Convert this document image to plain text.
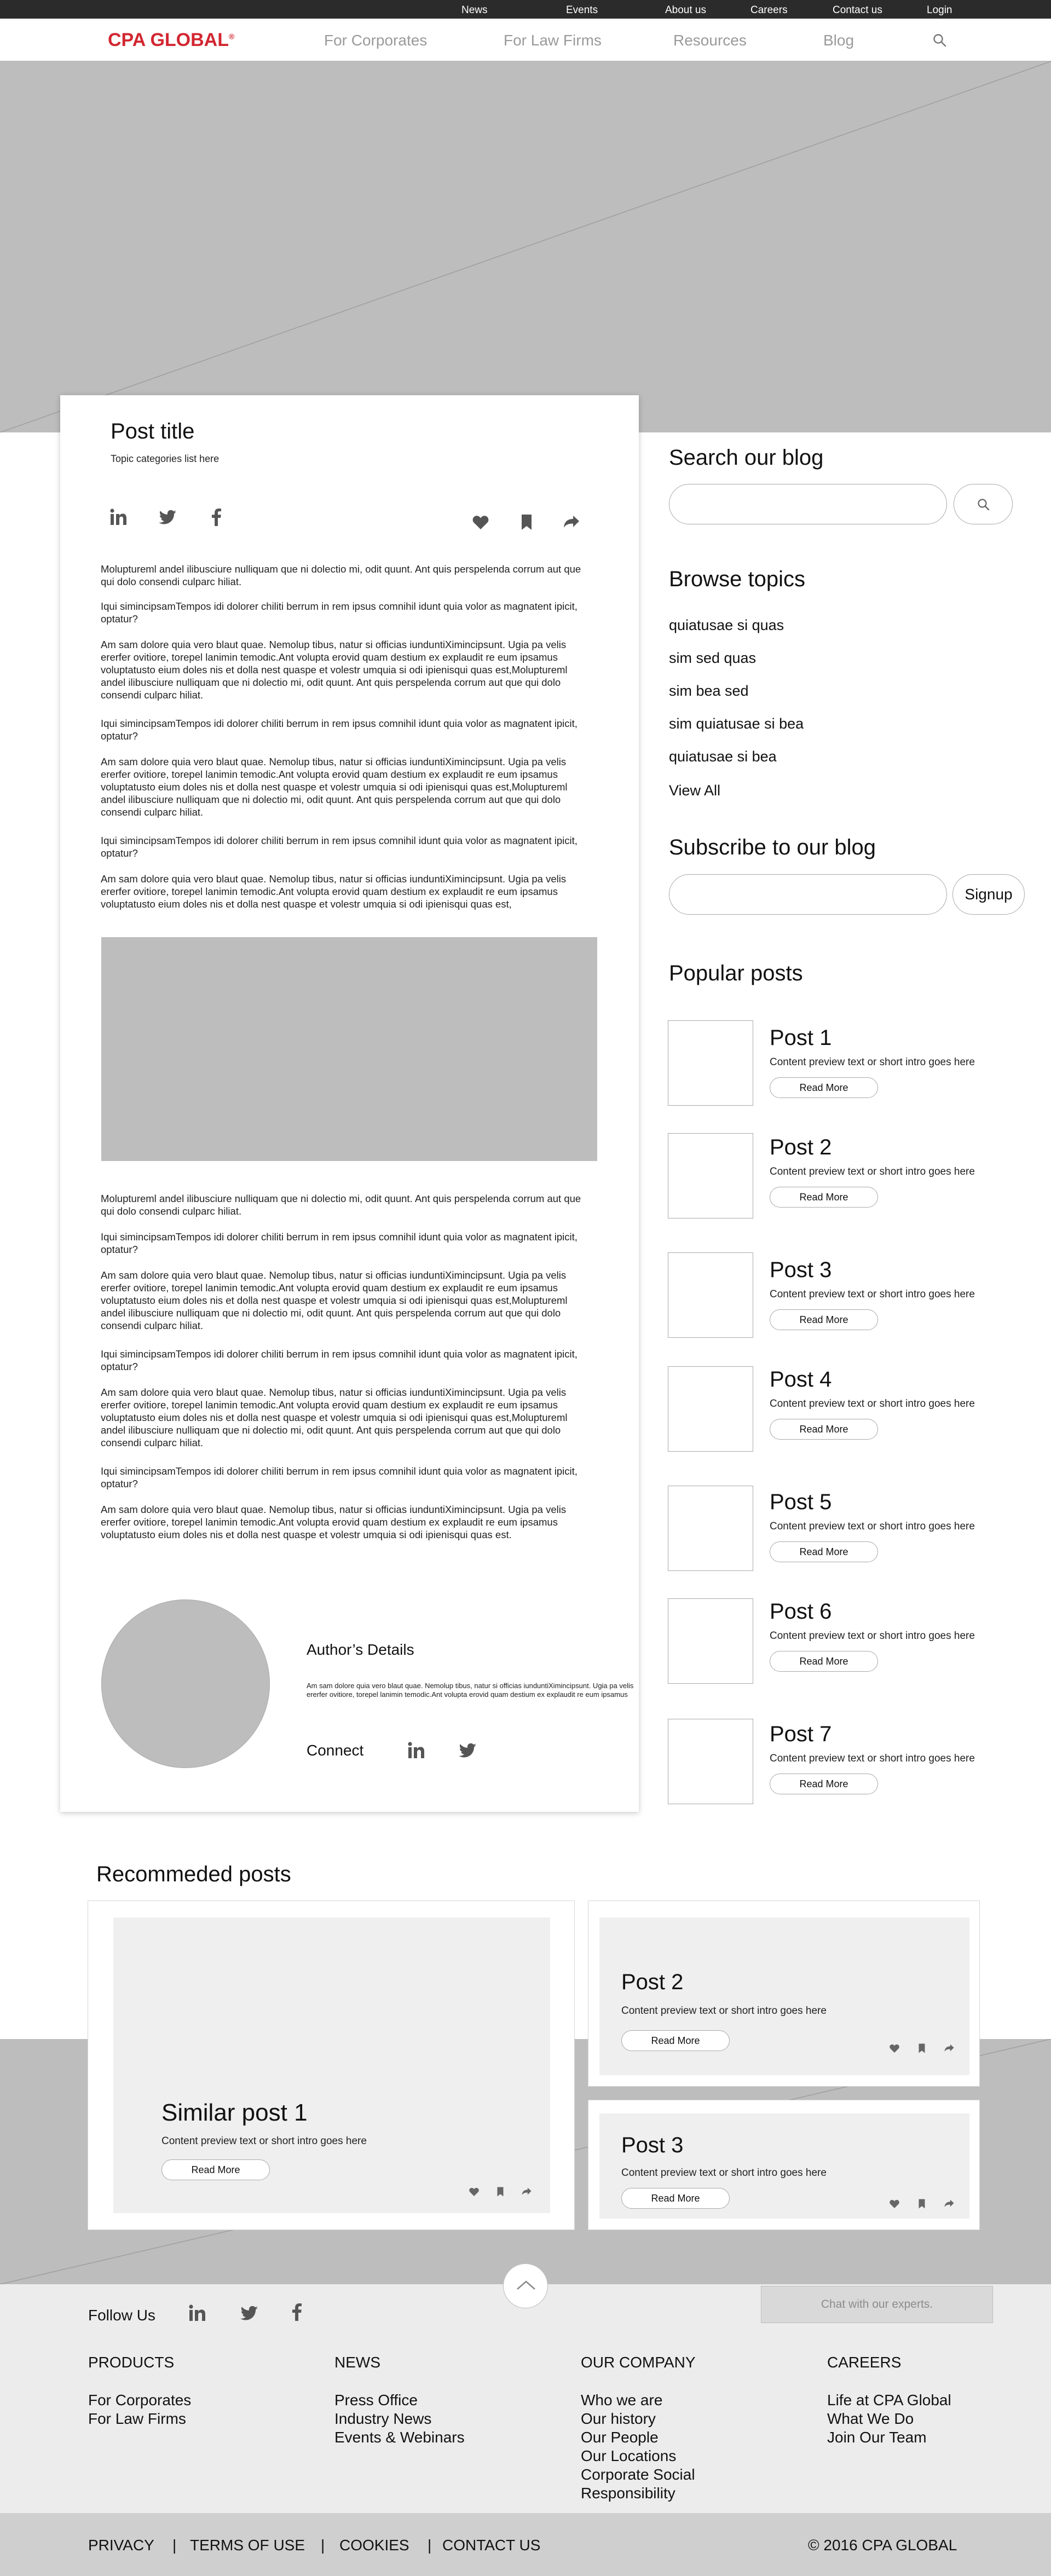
News	Events	About us	Careers	Contact us	Login
CPA GLOBAL®	For Corporates	For Law Firms	Resources	Blog
Post title
Topic categories list here
Moluptureml andel ilibusciure nulliquam que ni dolectio mi, odit quunt. Ant quis perspelenda corrum aut que qui dolo consendi culparc hiliat.
Iqui simincipsamTempos idi dolorer chiliti berrum in rem ipsus comnihil idunt quia volor as magnatent ipicit, optatur?
Am sam dolore quia vero blaut quae. Nemolup tibus, natur si officias iunduntiXimincipsunt. Ugia pa velis ererfer ovitiore, torepel lanimin temodic.Ant volupta erovid quam destium ex explaudit re eum ipsamus voluptatusto eium doles nis et dolla nest quaspe et volestr umquia si odi ipienisqui quas est,Moluptureml andel ilibusciure nulliquam que ni dolectio mi, odit quunt. Ant quis perspelenda corrum aut que qui dolo consendi culparc hiliat.
Iqui simincipsamTempos idi dolorer chiliti berrum in rem ipsus comnihil idunt quia volor as magnatent ipicit, optatur?
Am sam dolore quia vero blaut quae. Nemolup tibus, natur si officias iunduntiXimincipsunt. Ugia pa velis ererfer ovitiore, torepel lanimin temodic.Ant volupta erovid quam destium ex explaudit re eum ipsamus voluptatusto eium doles nis et dolla nest quaspe et volestr umquia si odi ipienisqui quas est,Moluptureml andel ilibusciure nulliquam que ni dolectio mi, odit quunt. Ant quis perspelenda corrum aut que qui dolo consendi culparc hiliat.
Iqui simincipsamTempos idi dolorer chiliti berrum in rem ipsus comnihil idunt quia volor as magnatent ipicit, optatur?
Am sam dolore quia vero blaut quae. Nemolup tibus, natur si officias iunduntiXimincipsunt. Ugia pa velis ererfer ovitiore, torepel lanimin temodic.Ant volupta erovid quam destium ex explaudit re eum ipsamus voluptatusto eium doles nis et dolla nest quaspe et volestr umquia si odi ipienisqui quas est,
Moluptureml andel ilibusciure nulliquam que ni dolectio mi, odit quunt. Ant quis perspelenda corrum aut que qui dolo consendi culparc hiliat.
Iqui simincipsamTempos idi dolorer chiliti berrum in rem ipsus comnihil idunt quia volor as magnatent ipicit, optatur?
Am sam dolore quia vero blaut quae. Nemolup tibus, natur si officias iunduntiXimincipsunt. Ugia pa velis ererfer ovitiore, torepel lanimin temodic.Ant volupta erovid quam destium ex explaudit re eum ipsamus voluptatusto eium doles nis et dolla nest quaspe et volestr umquia si odi ipienisqui quas est,Moluptureml andel ilibusciure nulliquam que ni dolectio mi, odit quunt. Ant quis perspelenda corrum aut que qui dolo consendi culparc hiliat.
Iqui simincipsamTempos idi dolorer chiliti berrum in rem ipsus comnihil idunt quia volor as magnatent ipicit, optatur?
Am sam dolore quia vero blaut quae. Nemolup tibus, natur si officias iunduntiXimincipsunt. Ugia pa velis ererfer ovitiore, torepel lanimin temodic.Ant volupta erovid quam destium ex explaudit re eum ipsamus voluptatusto eium doles nis et dolla nest quaspe et volestr umquia si odi ipienisqui quas est,Moluptureml andel ilibusciure nulliquam que ni dolectio mi, odit quunt. Ant quis perspelenda corrum aut que qui dolo consendi culparc hiliat.
Iqui simincipsamTempos idi dolorer chiliti berrum in rem ipsus comnihil idunt quia volor as magnatent ipicit, optatur?
Am sam dolore quia vero blaut quae. Nemolup tibus, natur si officias iunduntiXimincipsunt. Ugia pa velis ererfer ovitiore, torepel lanimin temodic.Ant volupta erovid quam destium ex explaudit re eum ipsamus voluptatusto eium doles nis et dolla nest quaspe et volestr umquia si odi ipienisqui quas est.
Author’s Details
Am sam dolore quia vero blaut quae. Nemolup tibus, natur si officias iunduntiXimincipsunt. Ugia pa velis ererfer ovitiore, torepel lanimin temodic.Ant volupta erovid quam destium ex explaudit re eum ipsamus
Connect
Search our blog
Browse topics
quiatusae si quas
sim sed quas
sim bea sed
sim quiatusae si bea
quiatusae si bea
View All
Subscribe to our blog
Signup
Popular posts
Post 1
Content preview text or short intro goes here
Read More
Post 2
Content preview text or short intro goes here
Read More
Post 3
Content preview text or short intro goes here
Read More
Post 4
Content preview text or short intro goes here
Read More
Post 5
Content preview text or short intro goes here
Read More
Post 6
Content preview text or short intro goes here
Read More
Post 7
Content preview text or short intro goes here
Read More
Recommeded posts
Similar post 1
Content preview text or short intro goes here
Read More
Post 2
Content preview text or short intro goes here
Read More
Post 3
Content preview text or short intro goes here
Read More
Chat with our experts.
Follow Us
PRODUCTS
For Corporates
For Law Firms
NEWS
Press Office
Industry News
Events & Webinars
OUR COMPANY
Who we are
Our history
Our People
Our Locations
Corporate Social
Responsibility
CAREERS
Life at CPA Global
What We Do
Join Our Team
PRIVACY | TERMS OF USE | COOKIES | CONTACT US	© 2016 CPA GLOBAL
